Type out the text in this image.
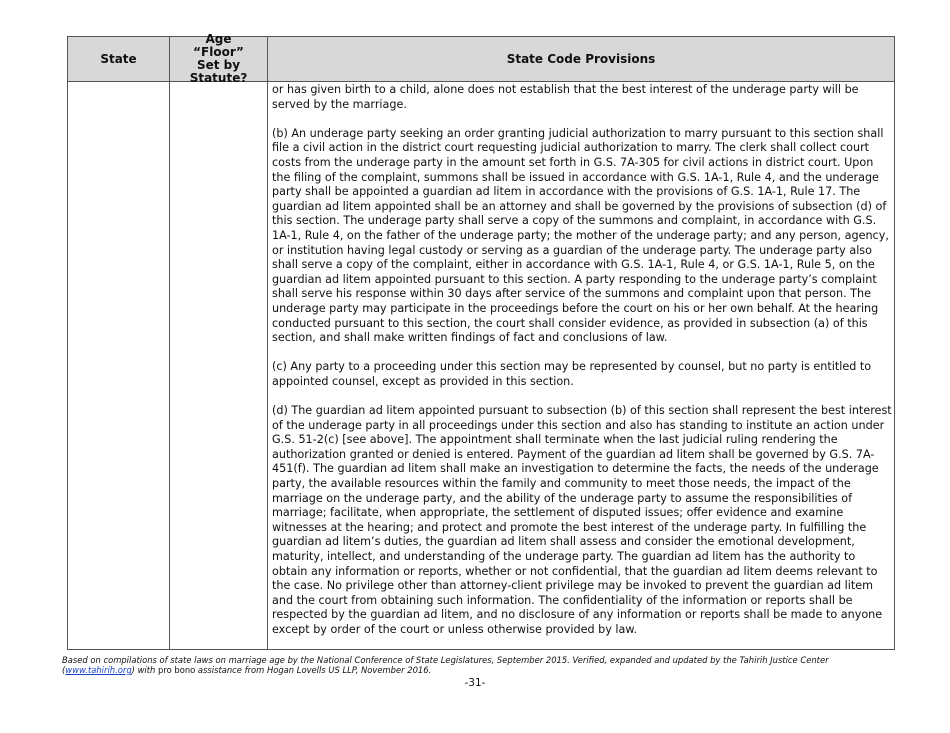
State
Age “Floor” Set by Statute?
State Code Provisions

or has given birth to a child, alone does not establish that the best interest of the underage party will be served by the marriage.

(b) An underage party seeking an order granting judicial authorization to marry pursuant to this section shall file a civil action in the district court requesting judicial authorization to marry. The clerk shall collect court costs from the underage party in the amount set forth in G.S. 7A-305 for civil actions in district court. Upon the filing of the complaint, summons shall be issued in accordance with G.S. 1A-1, Rule 4, and the underage party shall be appointed a guardian ad litem in accordance with the provisions of G.S. 1A-1, Rule 17. The guardian ad litem appointed shall be an attorney and shall be governed by the provisions of subsection (d) of this section. The underage party shall serve a copy of the summons and complaint, in accordance with G.S. 1A-1, Rule 4, on the father of the underage party; the mother of the underage party; and any person, agency, or institution having legal custody or serving as a guardian of the underage party. The underage party also shall serve a copy of the complaint, either in accordance with G.S. 1A-1, Rule 4, or G.S. 1A-1, Rule 5, on the guardian ad litem appointed pursuant to this section. A party responding to the underage party’s complaint shall serve his response within 30 days after service of the summons and complaint upon that person. The underage party may participate in the proceedings before the court on his or her own behalf. At the hearing conducted pursuant to this section, the court shall consider evidence, as provided in subsection (a) of this section, and shall make written findings of fact and conclusions of law.

(c) Any party to a proceeding under this section may be represented by counsel, but no party is entitled to appointed counsel, except as provided in this section.

(d) The guardian ad litem appointed pursuant to subsection (b) of this section shall represent the best interest of the underage party in all proceedings under this section and also has standing to institute an action under G.S. 51-2(c) [see above]. The appointment shall terminate when the last judicial ruling rendering the authorization granted or denied is entered. Payment of the guardian ad litem shall be governed by G.S. 7A-451(f). The guardian ad litem shall make an investigation to determine the facts, the needs of the underage party, the available resources within the family and community to meet those needs, the impact of the marriage on the underage party, and the ability of the underage party to assume the responsibilities of marriage; facilitate, when appropriate, the settlement of disputed issues; offer evidence and examine witnesses at the hearing; and protect and promote the best interest of the underage party. In fulfilling the guardian ad litem’s duties, the guardian ad litem shall assess and consider the emotional development, maturity, intellect, and understanding of the underage party. The guardian ad litem has the authority to obtain any information or reports, whether or not confidential, that the guardian ad litem deems relevant to the case. No privilege other than attorney-client privilege may be invoked to prevent the guardian ad litem and the court from obtaining such information. The confidentiality of the information or reports shall be respected by the guardian ad litem, and no disclosure of any information or reports shall be made to anyone except by order of the court or unless otherwise provided by law.

Based on compilations of state laws on marriage age by the National Conference of State Legislatures, September 2015. Verified, expanded and updated by the Tahirih Justice Center (www.tahirih.org) with pro bono assistance from Hogan Lovells US LLP, November 2016.
-31-
